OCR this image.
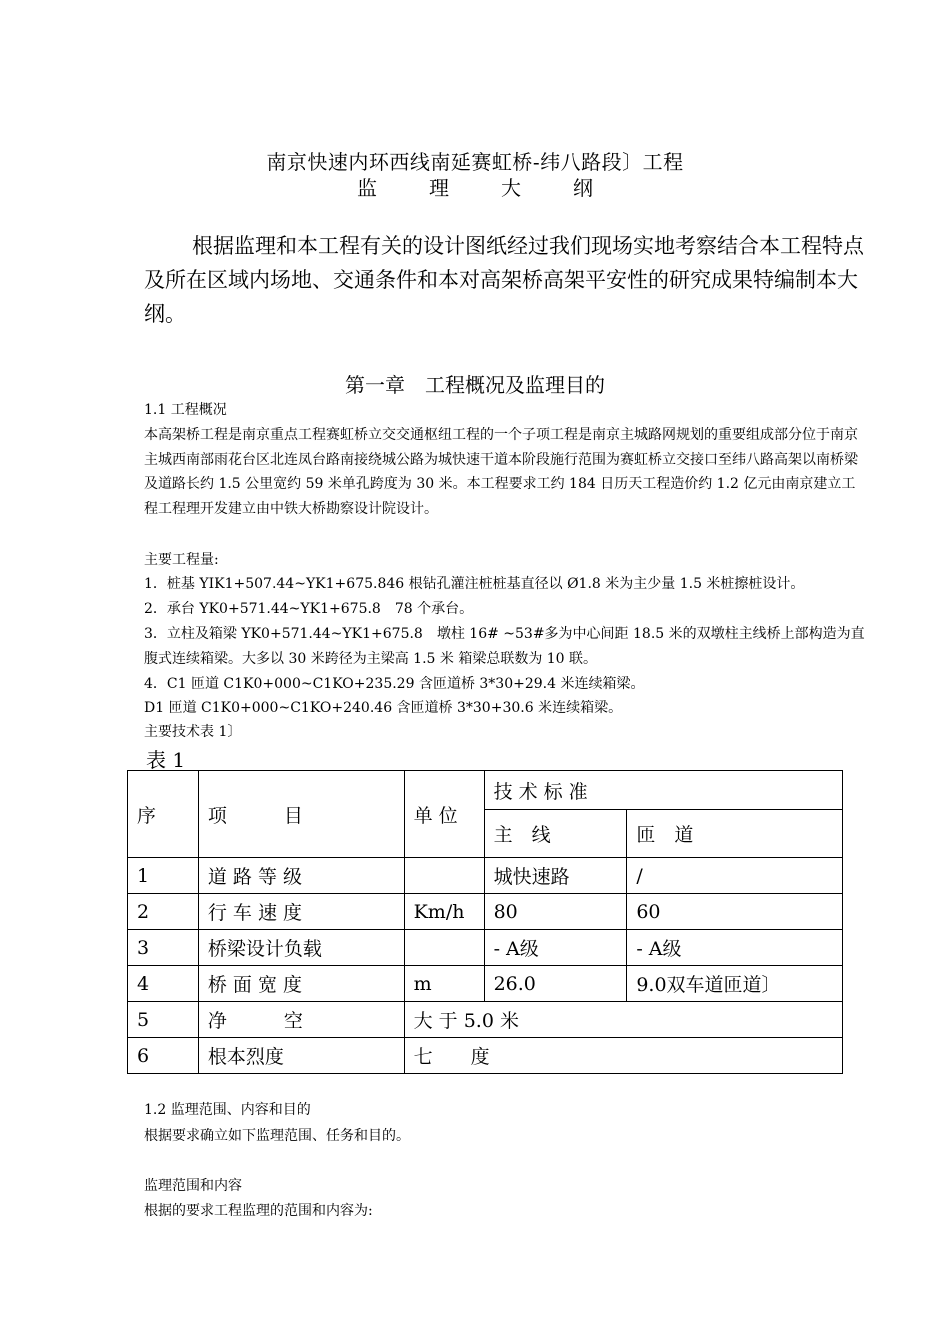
南京快速内环西线南延赛虹桥-纬八路段〕工程
监	理	大	纲
根据监理和本工程有关的设计图纸经过我们现场实地考察结合本工程特点及所在区域内场地、交通条件和本对高架桥高架平安性的研究成果特编制本大纲。
第一章　工程概况及监理目的
1.1 工程概况
本高架桥工程是南京重点工程赛虹桥立交交通枢纽工程的一个子项工程是南京主城路网规划的重要组成部分位于南京主城西南部雨花台区北连凤台路南接绕城公路为城快速干道本阶段施行范围为赛虹桥立交接口至纬八路高架以南桥梁及道路长约 1.5 公里宽约 59 米单孔跨度为 30 米。本工程要求工约 184 日历天工程造价约 1.2 亿元由南京建立工程工程理开发建立由中铁大桥勘察设计院设计。
主要工程量:
1．桩基 YIK1+507.44~YK1+675.846 根钻孔灌注桩桩基直径以 Ø1.8 米为主少量 1.5 米桩擦桩设计。
2．承台 YK0+571.44~YK1+675.8　78 个承台。
3．立柱及箱梁 YK0+571.44~YK1+675.8　墩柱 16# ~53#多为中心间距 18.5 米的双墩柱主线桥上部构造为直腹式连续箱梁。大多以 30 米跨径为主梁高 1.5 米 箱梁总联数为 10 联。
4．C1 匝道 C1K0+000~C1KO+235.29 含匝道桥 3*30+29.4 米连续箱梁。
D1 匝道 C1K0+000~C1KO+240.46 含匝道桥 3*30+30.6 米连续箱梁。
主要技术表 1〕
表 1
序	项　　　目	单 位	技 术 标 准	
			主　线	匝　道
1	道 路 等 级		城快速路	/
2	行 车 速 度	Km/h	80	60
3	桥梁设计负载		- A级	- A级
4	桥 面 宽 度	m	26.0	9.0双车道匝道〕
5	净　　　空	大 于 5.0 米		
6	根本烈度	七　　度		
1.2 监理范围、内容和目的
根据要求确立如下监理范围、任务和目的。
监理范围和内容
根据的要求工程监理的范围和内容为:
